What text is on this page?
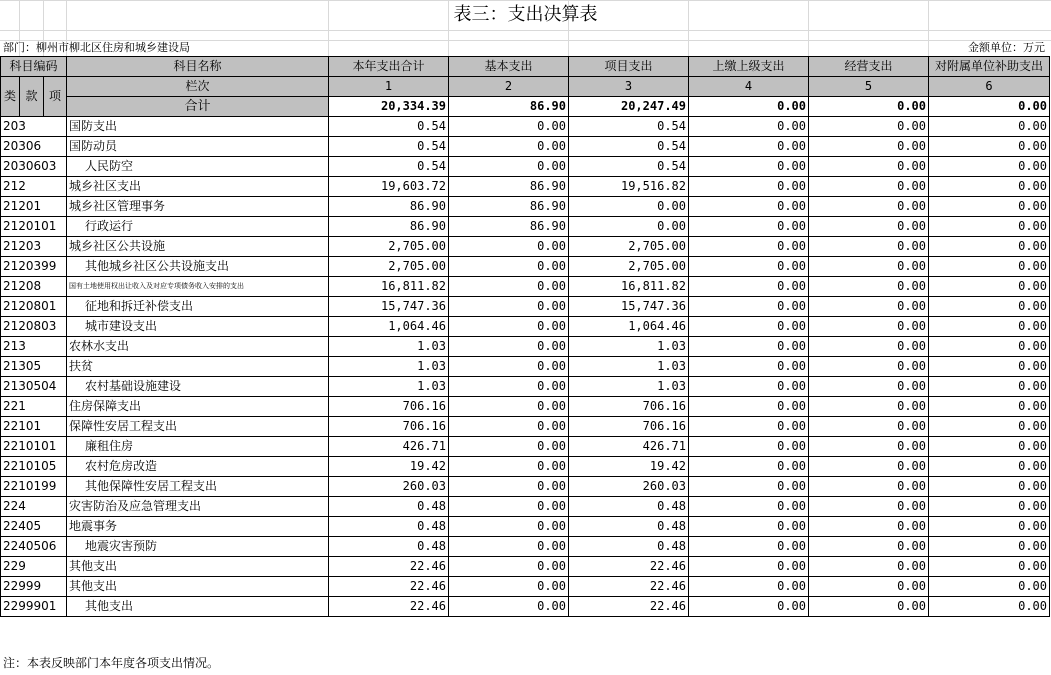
表三：支出决算表
部门：柳州市柳北区住房和城乡建设局	金额单位：万元
科目编码			科目名称	本年支出合计	基本支出	项目支出	上缴上级支出	经营支出	对附属单位补助支出
类	款	项	栏次	1	2	3	4	5	6
			合计	20,334.39	86.90	20,247.49	0.00	0.00	0.00
203			国防支出	0.54	0.00	0.54	0.00	0.00	0.00
20306			国防动员	0.54	0.00	0.54	0.00	0.00	0.00
2030603			人民防空	0.54	0.00	0.54	0.00	0.00	0.00
212			城乡社区支出	19,603.72	86.90	19,516.82	0.00	0.00	0.00
21201			城乡社区管理事务	86.90	86.90	0.00	0.00	0.00	0.00
2120101			行政运行	86.90	86.90	0.00	0.00	0.00	0.00
21203			城乡社区公共设施	2,705.00	0.00	2,705.00	0.00	0.00	0.00
2120399			其他城乡社区公共设施支出	2,705.00	0.00	2,705.00	0.00	0.00	0.00
21208			国有土地使用权出让收入及对应专项债务收入安排的支出	16,811.82	0.00	16,811.82	0.00	0.00	0.00
2120801			征地和拆迁补偿支出	15,747.36	0.00	15,747.36	0.00	0.00	0.00
2120803			城市建设支出	1,064.46	0.00	1,064.46	0.00	0.00	0.00
213			农林水支出	1.03	0.00	1.03	0.00	0.00	0.00
21305			扶贫	1.03	0.00	1.03	0.00	0.00	0.00
2130504			农村基础设施建设	1.03	0.00	1.03	0.00	0.00	0.00
221			住房保障支出	706.16	0.00	706.16	0.00	0.00	0.00
22101			保障性安居工程支出	706.16	0.00	706.16	0.00	0.00	0.00
2210101			廉租住房	426.71	0.00	426.71	0.00	0.00	0.00
2210105			农村危房改造	19.42	0.00	19.42	0.00	0.00	0.00
2210199			其他保障性安居工程支出	260.03	0.00	260.03	0.00	0.00	0.00
224			灾害防治及应急管理支出	0.48	0.00	0.48	0.00	0.00	0.00
22405			地震事务	0.48	0.00	0.48	0.00	0.00	0.00
2240506			地震灾害预防	0.48	0.00	0.48	0.00	0.00	0.00
229			其他支出	22.46	0.00	22.46	0.00	0.00	0.00
22999			其他支出	22.46	0.00	22.46	0.00	0.00	0.00
2299901			其他支出	22.46	0.00	22.46	0.00	0.00	0.00
注：本表反映部门本年度各项支出情况。
